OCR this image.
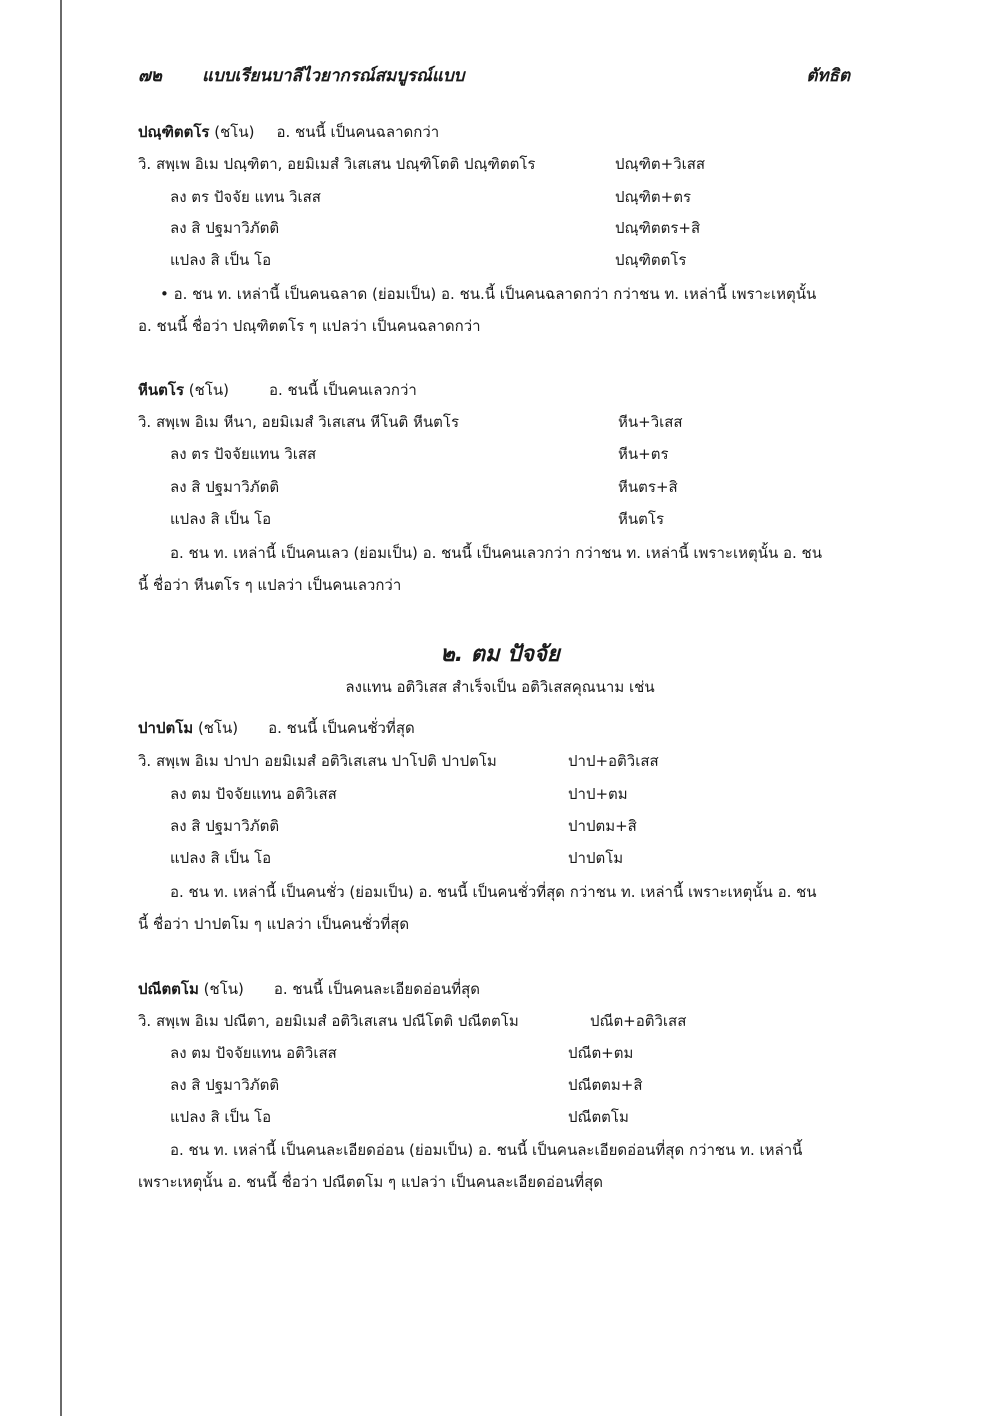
๗๒ แบบเรียนบาลีไวยากรณ์สมบูรณ์แบบ	ตัทธิต
ปณฺฑิตตโร (ชโน) อ. ชนนี้ เป็นคนฉลาดกว่า
วิ. สพฺเพ อิเม ปณฺฑิตา, อยมิเมสํ วิเสเสน ปณฺฑิโตติ ปณฺฑิตตโร	ปณฺฑิต+วิเสส
ลง ตร ปัจจัย แทน วิเสส	ปณฺฑิต+ตร
ลง สิ ปฐมาวิภัตติ	ปณฺฑิตตร+สิ
แปลง สิ เป็น โอ	ปณฺฑิตตโร
• อ. ชน ท. เหล่านี้ เป็นคนฉลาด (ย่อมเป็น) อ. ชน.นี้ เป็นคนฉลาดกว่า กว่าชน ท. เหล่านี้ เพราะเหตุนั้น
อ. ชนนี้ ชื่อว่า ปณฺฑิตตโร ๆ แปลว่า เป็นคนฉลาดกว่า
หีนตโร (ชโน)	อ. ชนนี้ เป็นคนเลวกว่า
วิ. สพฺเพ อิเม หีนา, อยมิเมสํ วิเสเสน หีโนติ หีนตโร	หีน+วิเสส
ลง ตร ปัจจัยแทน วิเสส	หีน+ตร
ลง สิ ปฐมาวิภัตติ	หีนตร+สิ
แปลง สิ เป็น โอ	หีนตโร
อ. ชน ท. เหล่านี้ เป็นคนเลว (ย่อมเป็น) อ. ชนนี้ เป็นคนเลวกว่า กว่าชน ท. เหล่านี้ เพราะเหตุนั้น อ. ชน
นี้ ชื่อว่า หีนตโร ๆ แปลว่า เป็นคนเลวกว่า
๒. ตม ปัจจัย
ลงแทน อติวิเสส สำเร็จเป็น อติวิเสสคุณนาม เช่น
ปาปตโม (ชโน) อ. ชนนี้ เป็นคนชั่วที่สุด
วิ. สพฺเพ อิเม ปาปา อยมิเมสํ อติวิเสเสน ปาโปติ ปาปตโม	ปาป+อติวิเสส
ลง ตม ปัจจัยแทน อติวิเสส	ปาป+ตม
ลง สิ ปฐมาวิภัตติ	ปาปตม+สิ
แปลง สิ เป็น โอ	ปาปตโม
อ. ชน ท. เหล่านี้ เป็นคนชั่ว (ย่อมเป็น) อ. ชนนี้ เป็นคนชั่วที่สุด กว่าชน ท. เหล่านี้ เพราะเหตุนั้น อ. ชน
นี้ ชื่อว่า ปาปตโม ๆ แปลว่า เป็นคนชั่วที่สุด
ปณีตตโม (ชโน) อ. ชนนี้ เป็นคนละเอียดอ่อนที่สุด
วิ. สพฺเพ อิเม ปณีตา, อยมิเมสํ อติวิเสเสน ปณีโตติ ปณีตตโม	ปณีต+อติวิเสส
ลง ตม ปัจจัยแทน อติวิเสส	ปณีต+ตม
ลง สิ ปฐมาวิภัตติ	ปณีตตม+สิ
แปลง สิ เป็น โอ	ปณีตตโม
อ. ชน ท. เหล่านี้ เป็นคนละเอียดอ่อน (ย่อมเป็น) อ. ชนนี้ เป็นคนละเอียดอ่อนที่สุด กว่าชน ท. เหล่านี้
เพราะเหตุนั้น อ. ชนนี้ ชื่อว่า ปณีตตโม ๆ แปลว่า เป็นคนละเอียดอ่อนที่สุด
